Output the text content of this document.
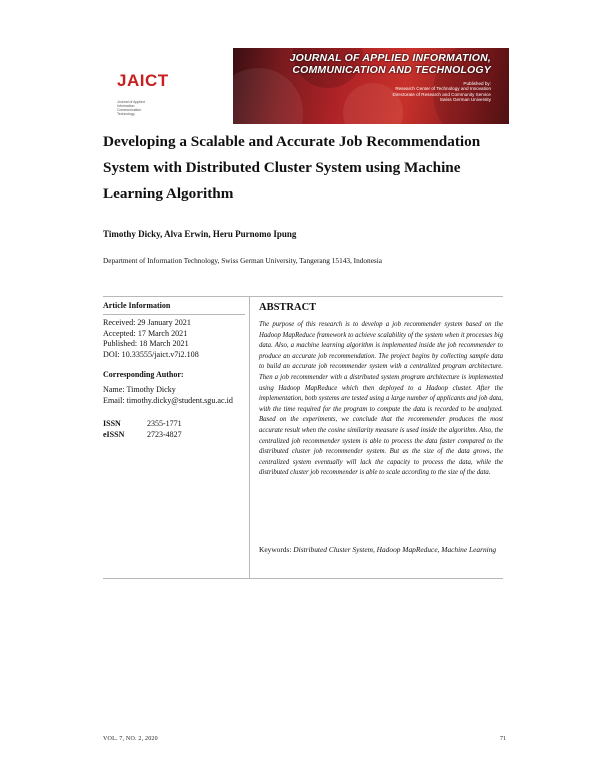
JAICT
Journal of Applied Information Communication Technology
JOURNAL OF APPLIED INFORMATION,
COMMUNICATION AND TECHNOLOGY
Published by:
Research Center of Technology and Innovation
Directorate of Research and Community Service
Swiss German University
Developing a Scalable and Accurate Job Recommendation System with Distributed Cluster System using Machine Learning Algorithm
Timothy Dicky, Alva Erwin, Heru Purnomo Ipung
Department of Information Technology, Swiss German University, Tangerang 15143, Indonesia
Article Information
Received: 29 January 2021
Accepted: 17 March 2021
Published: 18 March 2021
DOI: 10.33555/jaict.v7i2.108
Corresponding Author:
Name: Timothy Dicky
Email: timothy.dicky@student.sgu.ac.id
ISSN	2355-1771
eISSN	2723-4827
ABSTRACT
The purpose of this research is to develop a job recommender system based on the Hadoop MapReduce framework to achieve scalability of the system when it processes big data. Also, a machine learning algorithm is implemented inside the job recommender to produce an accurate job recommendation. The project begins by collecting sample data to build an accurate job recommender system with a centralized program architecture. Then a job recommender with a distributed system program architecture is implemented using Hadoop MapReduce which then deployed to a Hadoop cluster. After the implementation, both systems are tested using a large number of applicants and job data, with the time required for the program to compute the data is recorded to be analyzed. Based on the experiments, we conclude that the recommender produces the most accurate result when the cosine similarity measure is used inside the algorithm. Also, the centralized job recommender system is able to process the data faster compared to the distributed cluster job recommender system. But as the size of the data grows, the centralized system eventually will lack the capacity to process the data, while the distributed cluster job recommender is able to scale according to the size of the data.
Keywords: Distributed Cluster System, Hadoop MapReduce, Machine Learning
VOL. 7, NO. 2, 2020	71
